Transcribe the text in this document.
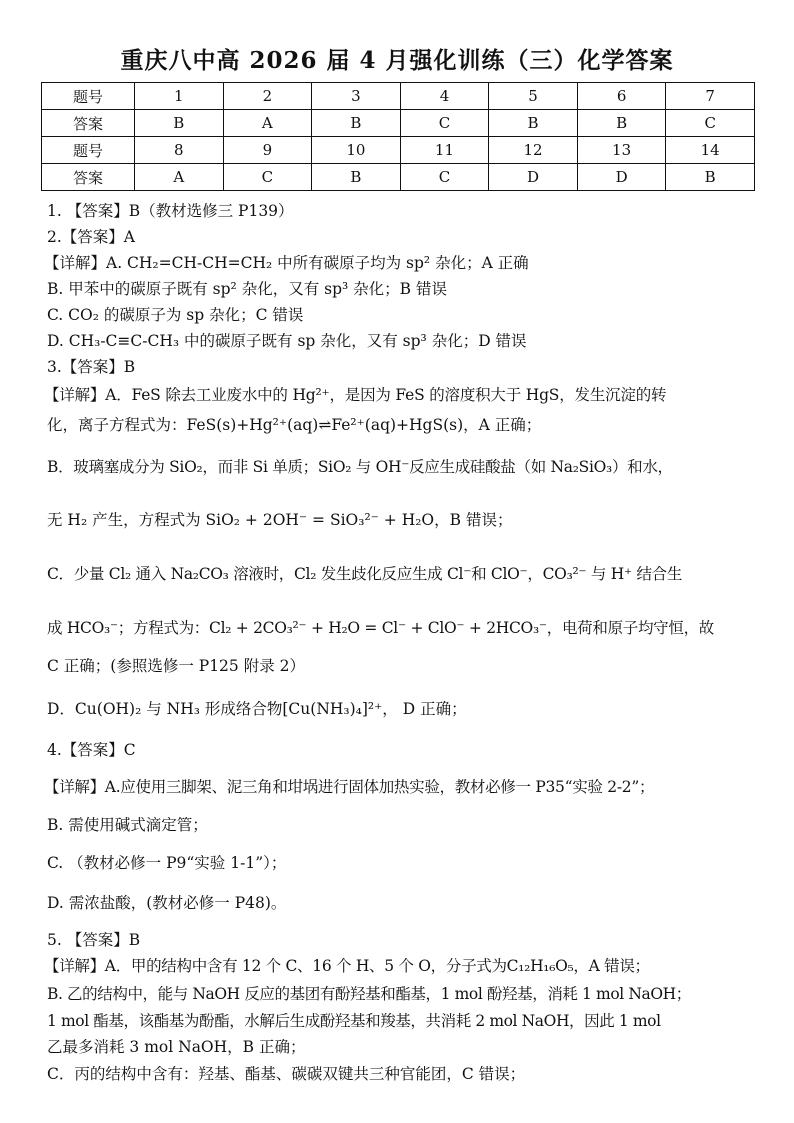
重庆八中高 2026 届 4 月强化训练（三）化学答案
题号	1	2	3	4	5	6	7
答案	B	A	B	C	B	B	C
题号	8	9	10	11	12	13	14
答案	A	C	B	C	D	D	B
1. 【答案】B（教材选修三 P139）
2.【答案】A
【详解】A. CH₂=CH-CH=CH₂ 中所有碳原子均为 sp² 杂化；A 正确
B. 甲苯中的碳原子既有 sp² 杂化，又有 sp³ 杂化；B 错误
C. CO₂ 的碳原子为 sp 杂化；C 错误
D. CH₃-C≡C-CH₃ 中的碳原子既有 sp 杂化，又有 sp³ 杂化；D 错误
3.【答案】B
【详解】A．FeS 除去工业废水中的 Hg²⁺，是因为 FeS 的溶度积大于 HgS，发生沉淀的转
化，离子方程式为：FeS(s)+Hg²⁺(aq)⇌Fe²⁺(aq)+HgS(s)，A 正确；
B．玻璃塞成分为 SiO₂，而非 Si 单质；SiO₂ 与 OH⁻反应生成硅酸盐（如 Na₂SiO₃）和水，
无 H₂ 产生，方程式为 SiO₂ + 2OH⁻ = SiO₃²⁻ + H₂O，B 错误；
C．少量 Cl₂ 通入 Na₂CO₃ 溶液时，Cl₂ 发生歧化反应生成 Cl⁻和 ClO⁻，CO₃²⁻ 与 H⁺ 结合生
成 HCO₃⁻；方程式为：Cl₂ + 2CO₃²⁻ + H₂O = Cl⁻ + ClO⁻ + 2HCO₃⁻，电荷和原子均守恒，故
C 正确；(参照选修一 P125 附录 2）
D．Cu(OH)₂ 与 NH₃ 形成络合物[Cu(NH₃)₄]²⁺， D 正确；
4.【答案】C
【详解】A.应使用三脚架、泥三角和坩埚进行固体加热实验，教材必修一 P35“实验 2-2”；
B. 需使用碱式滴定管；
C. （教材必修一 P9“实验 1-1”）；
D. 需浓盐酸，(教材必修一 P48)。
5. 【答案】B
【详解】A．甲的结构中含有 12 个 C、16 个 H、5 个 O，分子式为C₁₂H₁₆O₅，A 错误；
B. 乙的结构中，能与 NaOH 反应的基团有酚羟基和酯基，1 mol 酚羟基，消耗 1 mol NaOH；
1 mol 酯基，该酯基为酚酯，水解后生成酚羟基和羧基，共消耗 2 mol NaOH，因此 1 mol
乙最多消耗 3 mol NaOH，B 正确；
C．丙的结构中含有：羟基、酯基、碳碳双键共三种官能团，C 错误；
